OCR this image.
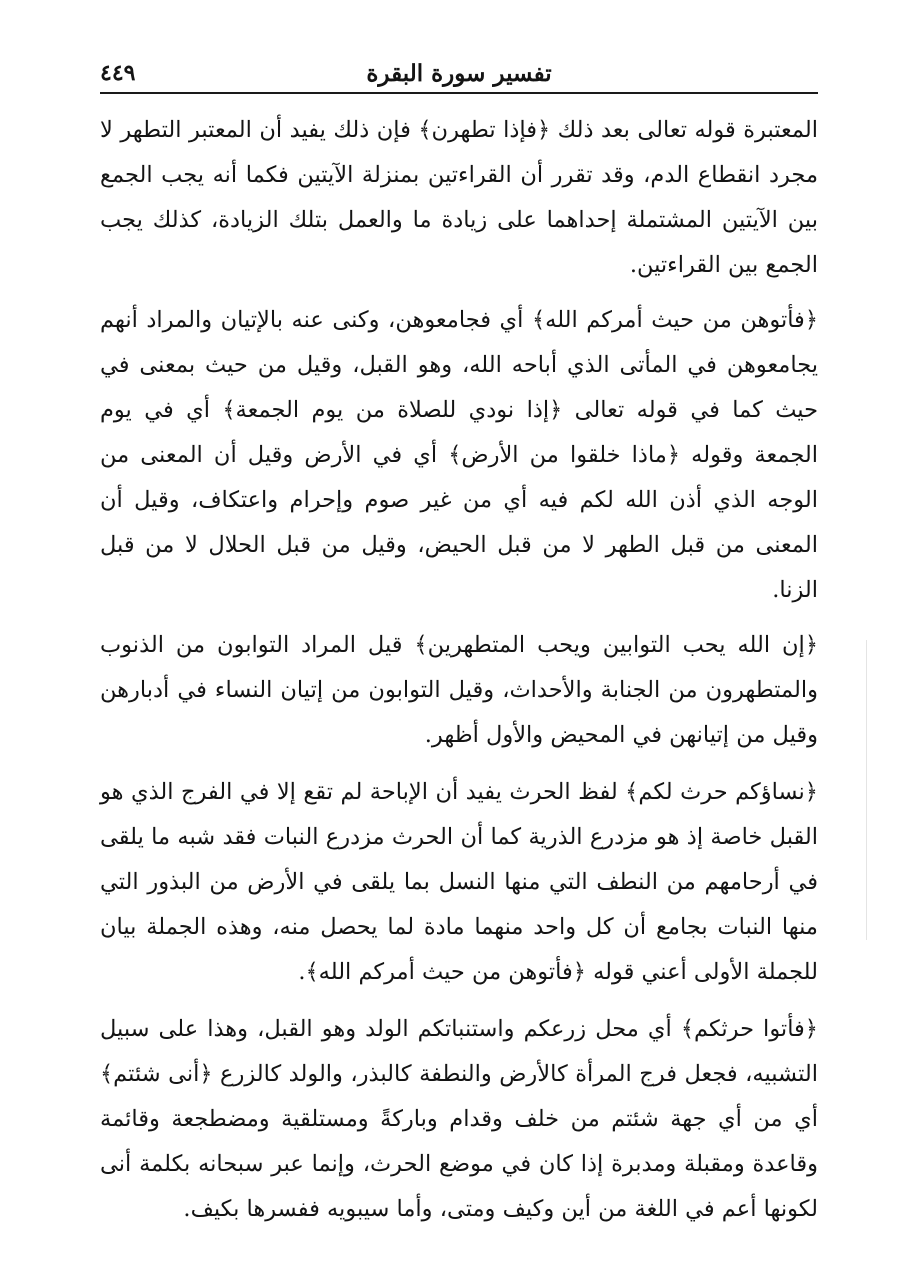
تفسير سورة البقرة
٤٤٩

المعتبرة قوله تعالى بعد ذلك ﴿فإذا تطهرن﴾ فإن ذلك يفيد أن المعتبر التطهر لا مجرد انقطاع الدم، وقد تقرر أن القراءتين بمنزلة الآيتين فكما أنه يجب الجمع بين الآيتين المشتملة إحداهما على زيادة ما والعمل بتلك الزيادة، كذلك يجب الجمع بين القراءتين.

﴿فأتوهن من حيث أمركم الله﴾ أي فجامعوهن، وكنى عنه بالإتيان والمراد أنهم يجامعوهن في المأتى الذي أباحه الله، وهو القبل، وقيل من حيث بمعنى في حيث كما في قوله تعالى ﴿إذا نودي للصلاة من يوم الجمعة﴾ أي في يوم الجمعة وقوله ﴿ماذا خلقوا من الأرض﴾ أي في الأرض وقيل أن المعنى من الوجه الذي أذن الله لكم فيه أي من غير صوم وإحرام واعتكاف، وقيل أن المعنى من قبل الطهر لا من قبل الحيض، وقيل من قبل الحلال لا من قبل الزنا.

﴿إن الله يحب التوابين ويحب المتطهرين﴾ قيل المراد التوابون من الذنوب والمتطهرون من الجنابة والأحداث، وقيل التوابون من إتيان النساء في أدبارهن وقيل من إتيانهن في المحيض والأول أظهر.

﴿نساؤكم حرث لكم﴾ لفظ الحرث يفيد أن الإباحة لم تقع إلا في الفرج الذي هو القبل خاصة إذ هو مزدرع الذرية كما أن الحرث مزدرع النبات فقد شبه ما يلقى في أرحامهم من النطف التي منها النسل بما يلقى في الأرض من البذور التي منها النبات بجامع أن كل واحد منهما مادة لما يحصل منه، وهذه الجملة بيان للجملة الأولى أعني قوله ﴿فأتوهن من حيث أمركم الله﴾.

﴿فأتوا حرثكم﴾ أي محل زرعكم واستنباتكم الولد وهو القبل، وهذا على سبيل التشبيه، فجعل فرج المرأة كالأرض والنطفة كالبذر، والولد كالزرع ﴿أنى شئتم﴾ أي من أي جهة شئتم من خلف وقدام وباركةً ومستلقية ومضطجعة وقائمة وقاعدة ومقبلة ومدبرة إذا كان في موضع الحرث، وإنما عبر سبحانه بكلمة أنى لكونها أعم في اللغة من أين وكيف ومتى، وأما سيبويه ففسرها بكيف.
